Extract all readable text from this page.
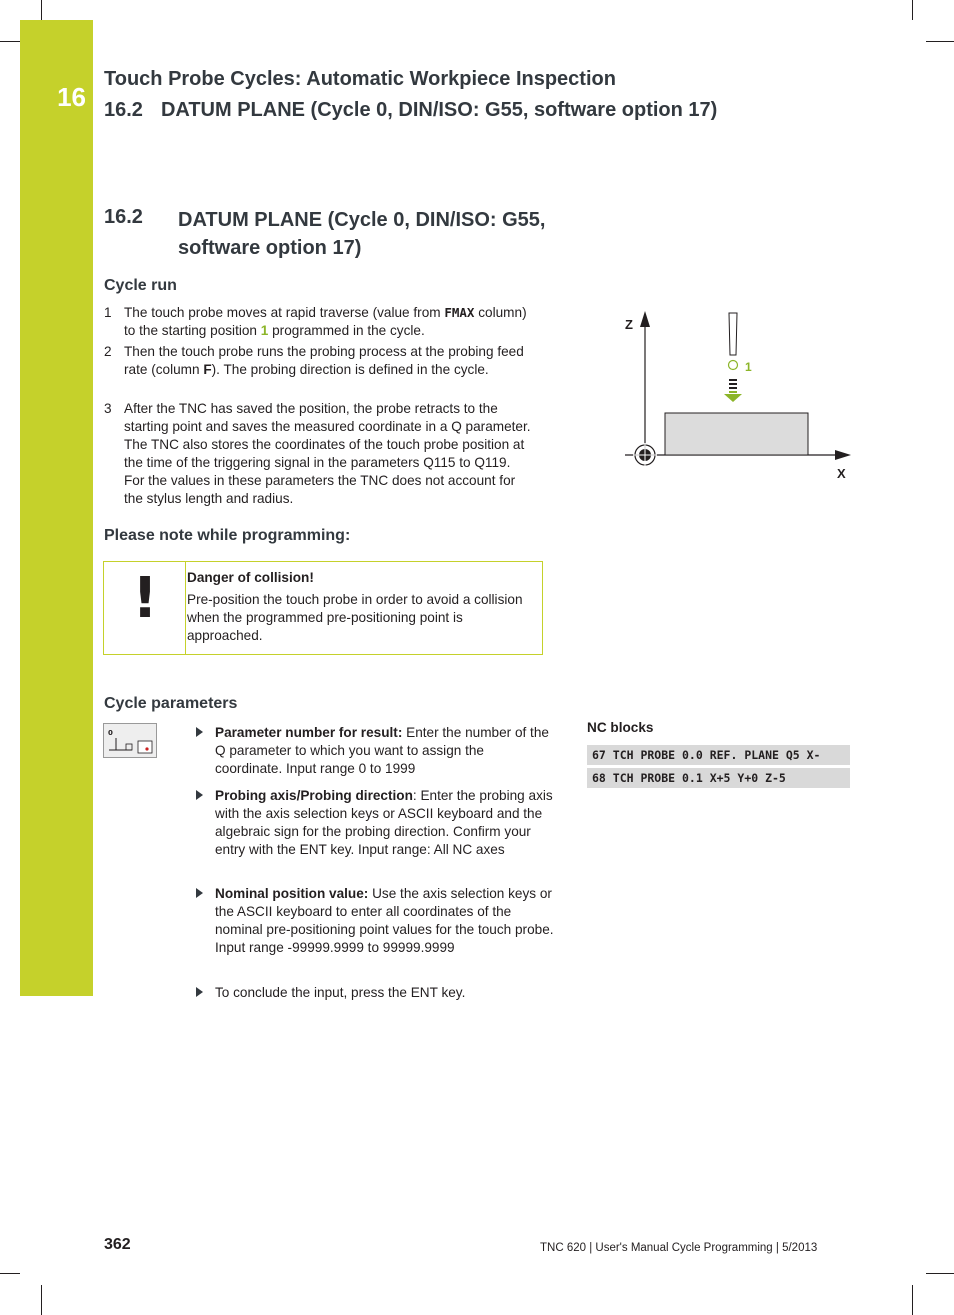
16
Touch Probe Cycles: Automatic Workpiece Inspection
16.2 DATUM PLANE (Cycle 0, DIN/ISO: G55, software option 17)
16.2 DATUM PLANE (Cycle 0, DIN/ISO: G55, software option 17)
Cycle run
1 The touch probe moves at rapid traverse (value from FMAX column) to the starting position 1 programmed in the cycle.
2 Then the touch probe runs the probing process at the probing feed rate (column F). The probing direction is defined in the cycle.
3 After the TNC has saved the position, the probe retracts to the starting point and saves the measured coordinate in a Q parameter. The TNC also stores the coordinates of the touch probe position at the time of the triggering signal in the parameters Q115 to Q119. For the values in these parameters the TNC does not account for the stylus length and radius.
Z
X
1
Please note while programming:
! Danger of collision!
Pre-position the touch probe in order to avoid a collision when the programmed pre-positioning point is approached.
Cycle parameters
0	Parameter number for result: Enter the number of the Q parameter to which you want to assign the coordinate. Input range 0 to 1999
Probing axis/Probing direction: Enter the probing axis with the axis selection keys or ASCII keyboard and the algebraic sign for the probing direction. Confirm your entry with the ENT key. Input range: All NC axes
Nominal position value: Use the axis selection keys or the ASCII keyboard to enter all coordinates of the nominal pre-positioning point values for the touch probe. Input range -99999.9999 to 99999.9999
To conclude the input, press the ENT key.
NC blocks
67 TCH PROBE 0.0 REF. PLANE Q5 X-
68 TCH PROBE 0.1 X+5 Y+0 Z-5
362	TNC 620 | User's Manual Cycle Programming | 5/2013
